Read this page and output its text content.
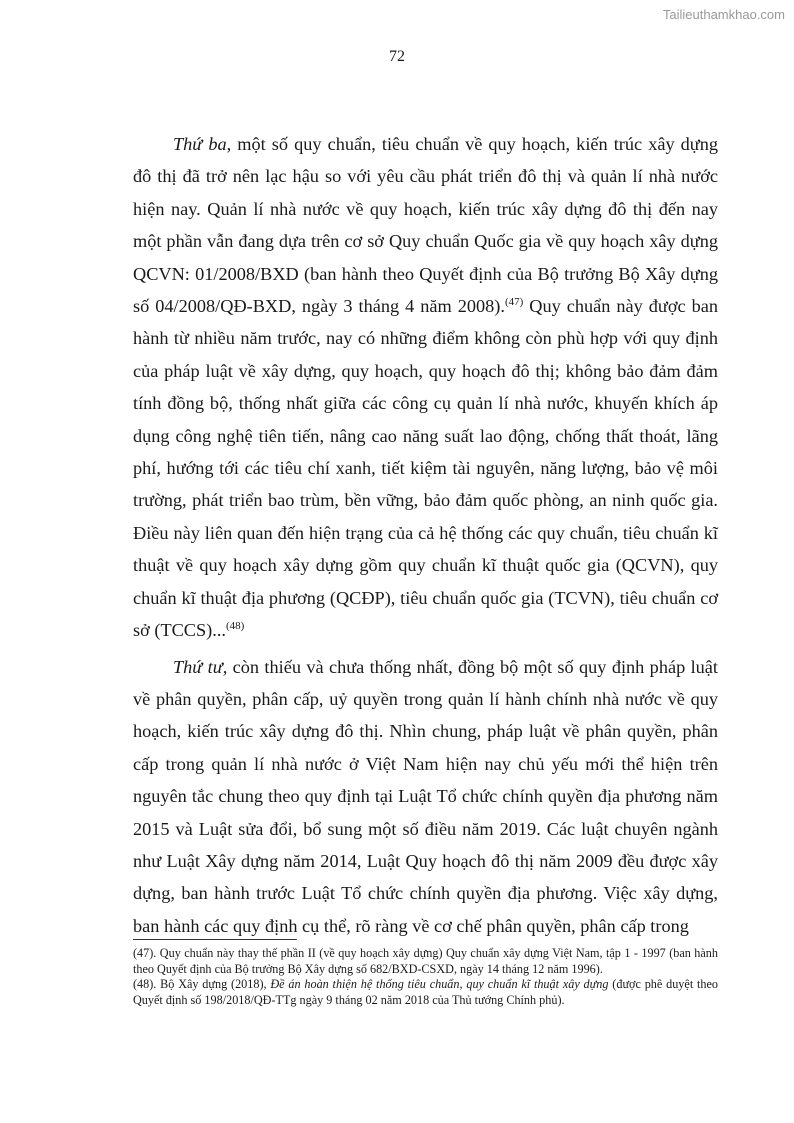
Tailieuthamkhao.com
72

Thứ ba, một số quy chuẩn, tiêu chuẩn về quy hoạch, kiến trúc xây dựng đô thị đã trở nên lạc hậu so với yêu cầu phát triển đô thị và quản lí nhà nước hiện nay. Quản lí nhà nước về quy hoạch, kiến trúc xây dựng đô thị đến nay một phần vẫn đang dựa trên cơ sở Quy chuẩn Quốc gia về quy hoạch xây dựng QCVN: 01/2008/BXD (ban hành theo Quyết định của Bộ trưởng Bộ Xây dựng số 04/2008/QĐ-BXD, ngày 3 tháng 4 năm 2008).$^{(47)}$ Quy chuẩn này được ban hành từ nhiều năm trước, nay có những điểm không còn phù hợp với quy định của pháp luật về xây dựng, quy hoạch, quy hoạch đô thị; không bảo đảm đảm tính đồng bộ, thống nhất giữa các công cụ quản lí nhà nước, khuyến khích áp dụng công nghệ tiên tiến, nâng cao năng suất lao động, chống thất thoát, lãng phí, hướng tới các tiêu chí xanh, tiết kiệm tài nguyên, năng lượng, bảo vệ môi trường, phát triển bao trùm, bền vững, bảo đảm quốc phòng, an ninh quốc gia. Điều này liên quan đến hiện trạng của cả hệ thống các quy chuẩn, tiêu chuẩn kĩ thuật về quy hoạch xây dựng gồm quy chuẩn kĩ thuật quốc gia (QCVN), quy chuẩn kĩ thuật địa phương (QCĐP), tiêu chuẩn quốc gia (TCVN), tiêu chuẩn cơ sở (TCCS)...$^{(48)}$

Thứ tư, còn thiếu và chưa thống nhất, đồng bộ một số quy định pháp luật về phân quyền, phân cấp, uỷ quyền trong quản lí hành chính nhà nước về quy hoạch, kiến trúc xây dựng đô thị. Nhìn chung, pháp luật về phân quyền, phân cấp trong quản lí nhà nước ở Việt Nam hiện nay chủ yếu mới thể hiện trên nguyên tắc chung theo quy định tại Luật Tổ chức chính quyền địa phương năm 2015 và Luật sửa đổi, bổ sung một số điều năm 2019. Các luật chuyên ngành như Luật Xây dựng năm 2014, Luật Quy hoạch đô thị năm 2009 đều được xây dựng, ban hành trước Luật Tổ chức chính quyền địa phương. Việc xây dựng, ban hành các quy định cụ thể, rõ ràng về cơ chế phân quyền, phân cấp trong

(47). Quy chuẩn này thay thế phần II (về quy hoạch xây dựng) Quy chuẩn xây dựng Việt Nam, tập 1 - 1997 (ban hành theo Quyết định của Bộ trưởng Bộ Xây dựng số 682/BXD-CSXD, ngày 14 tháng 12 năm 1996).

(48). Bộ Xây dựng (2018), Đề án hoàn thiện hệ thống tiêu chuẩn, quy chuẩn kĩ thuật xây dựng (được phê duyệt theo Quyết định số 198/2018/QĐ-TTg ngày 9 tháng 02 năm 2018 của Thủ tướng Chính phủ).
